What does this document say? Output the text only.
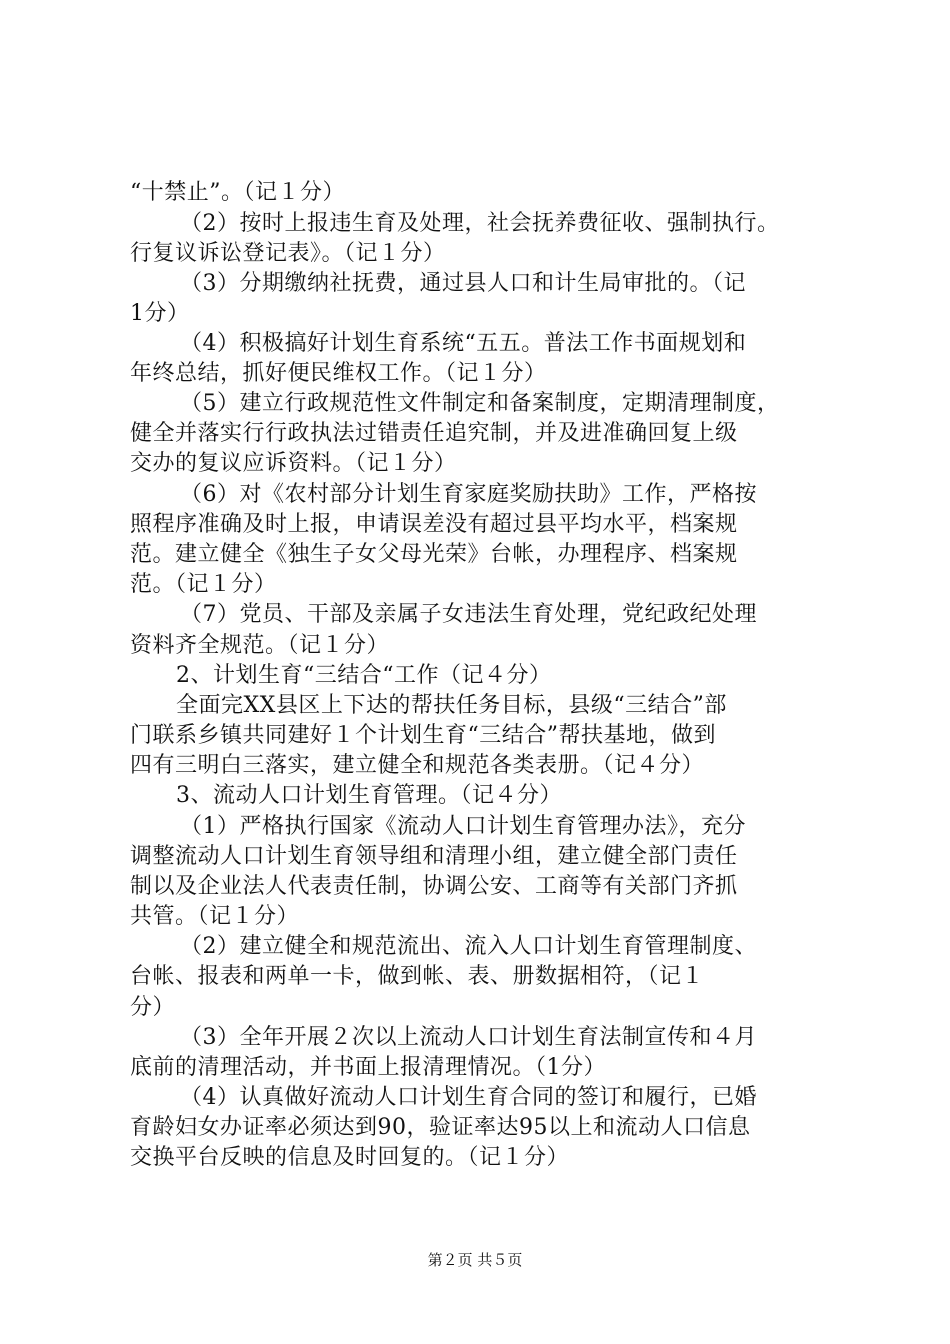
“十禁止”。（记１分）
（2）按时上报违生育及处理，社会抚养费征收、强制执行。
行复议诉讼登记表》。（记１分）
（3）分期缴纳社抚费，通过县人口和计生局审批的。（记
1分）
（4）积极搞好计划生育系统“五五。普法工作书面规划和
年终总结，抓好便民维权工作。（记１分）
（5）建立行政规范性文件制定和备案制度，定期清理制度，
健全并落实行行政执法过错责任追究制，并及进准确回复上级
交办的复议应诉资料。（记１分）
（6）对《农村部分计划生育家庭奖励扶助》工作，严格按
照程序准确及时上报，申请误差没有超过县平均水平，档案规
范。建立健全《独生子女父母光荣》台帐，办理程序、档案规
范。（记１分）
（7）党员、干部及亲属子女违法生育处理，党纪政纪处理
资料齐全规范。（记１分）
2、计划生育“三结合“工作（记４分）
全面完XX县区上下达的帮扶任务目标，县级“三结合”部
门联系乡镇共同建好１个计划生育“三结合”帮扶基地，做到
四有三明白三落实，建立健全和规范各类表册。（记４分）
3、流动人口计划生育管理。（记４分）
（1）严格执行国家《流动人口计划生育管理办法》，充分
调整流动人口计划生育领导组和清理小组，建立健全部门责任
制以及企业法人代表责任制，协调公安、工商等有关部门齐抓
共管。（记１分）
（2）建立健全和规范流出、流入人口计划生育管理制度、
台帐、报表和两单一卡，做到帐、表、册数据相符，（记１
分）
（3）全年开展２次以上流动人口计划生育法制宣传和４月
底前的清理活动，并书面上报清理情况。（1分）
（4）认真做好流动人口计划生育合同的签订和履行，已婚
育龄妇女办证率必须达到90，验证率达95以上和流动人口信息
交换平台反映的信息及时回复的。（记１分）
第２页 共５页
